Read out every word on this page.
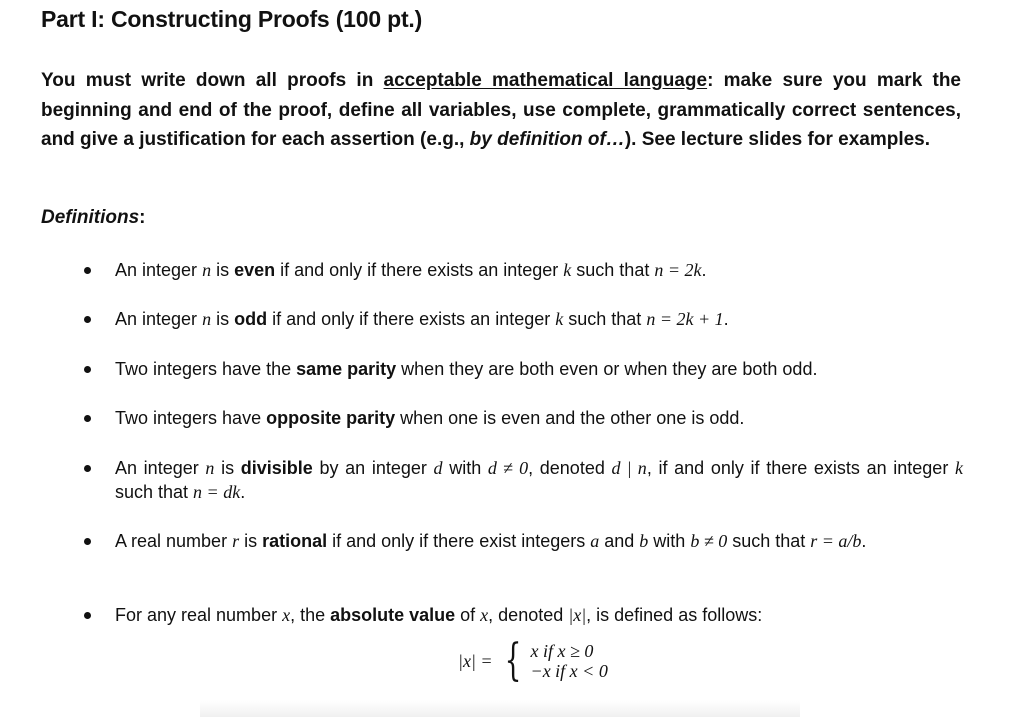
Part I: Constructing Proofs (100 pt.)
You must write down all proofs in acceptable mathematical language: make sure you mark the beginning and end of the proof, define all variables, use complete, grammatically correct sentences, and give a justification for each assertion (e.g., by definition of…). See lecture slides for examples.
Definitions:
An integer n is even if and only if there exists an integer k such that n = 2k.
An integer n is odd if and only if there exists an integer k such that n = 2k + 1.
Two integers have the same parity when they are both even or when they are both odd.
Two integers have opposite parity when one is even and the other one is odd.
An integer n is divisible by an integer d with d ≠ 0, denoted d | n, if and only if there exists an integer k such that n = dk.
A real number r is rational if and only if there exist integers a and b with b ≠ 0 such that r = a/b.
For any real number x, the absolute value of x, denoted |x|, is defined as follows:
|x| = { x if x ≥ 0
−x if x < 0
